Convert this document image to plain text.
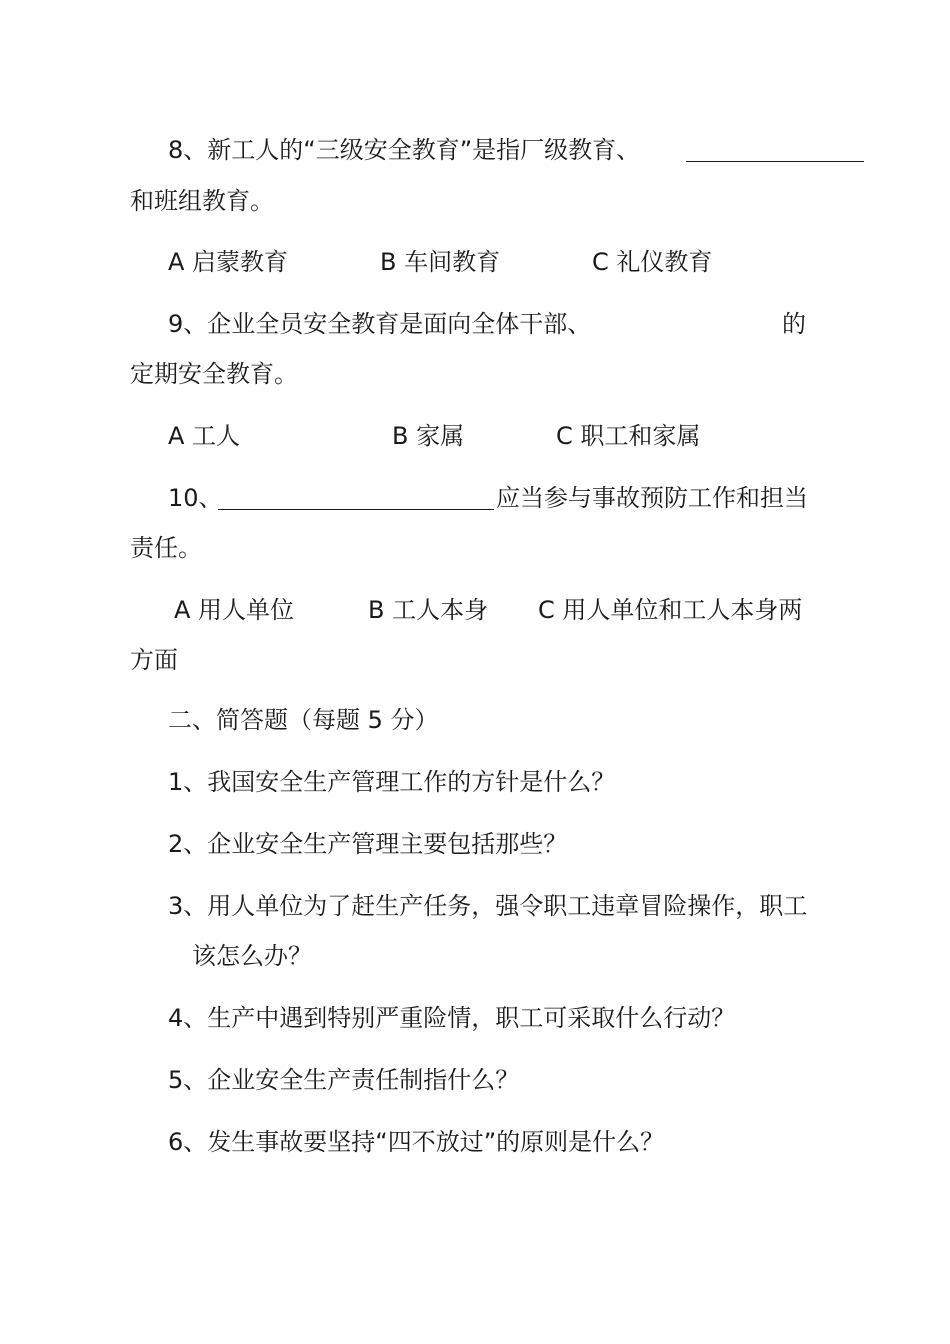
8、新工人的“三级安全教育”是指厂级教育、
和班组教育。
A 启蒙教育	B 车间教育	C 礼仪教育
9、企业全员安全教育是面向全体干部、	的
定期安全教育。
A 工人	B 家属	C 职工和家属
10、	应当参与事故预防工作和担当
责任。
A 用人单位	B 工人本身 C 用人单位和工人本身两
方面
二、简答题（每题 5 分）
1、我国安全生产管理工作的方针是什么？
2、企业安全生产管理主要包括那些？
3、用人单位为了赶生产任务，强令职工违章冒险操作，职工
该怎么办？
4、生产中遇到特别严重险情，职工可采取什么行动？
5、企业安全生产责任制指什么？
6、发生事故要坚持“四不放过”的原则是什么？
